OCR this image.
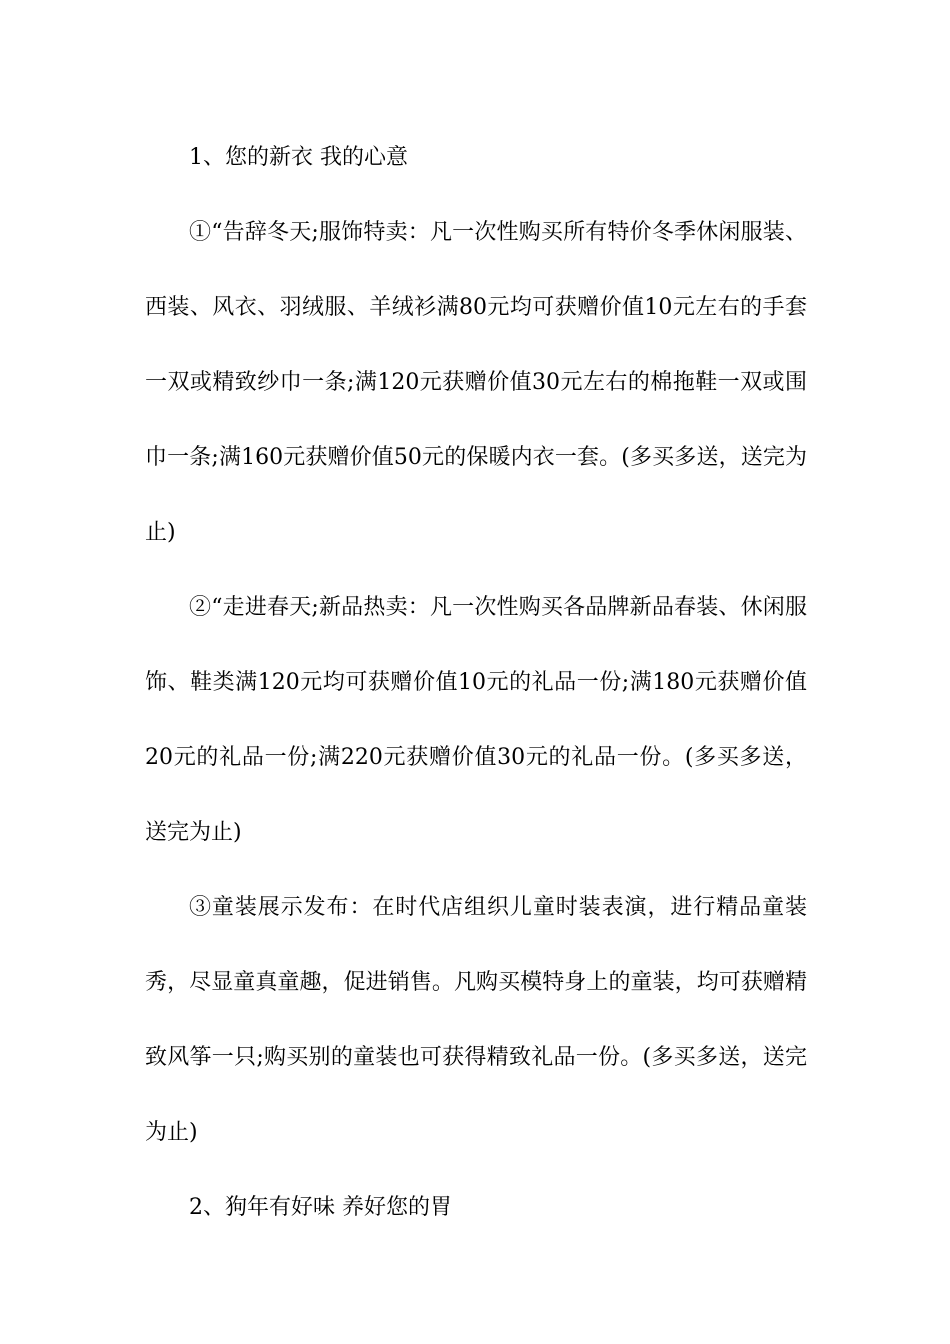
1、您的新衣 我的心意

①“告辞冬天;服饰特卖：凡一次性购买所有特价冬季休闲服装、西装、风衣、羽绒服、羊绒衫满80元均可获赠价值10元左右的手套一双或精致纱巾一条;满120元获赠价值30元左右的棉拖鞋一双或围巾一条;满160元获赠价值50元的保暖内衣一套。(多买多送，送完为止)

②“走进春天;新品热卖：凡一次性购买各品牌新品春装、休闲服饰、鞋类满120元均可获赠价值10元的礼品一份;满180元获赠价值20元的礼品一份;满220元获赠价值30元的礼品一份。(多买多送，送完为止)

③童装展示发布：在时代店组织儿童时装表演，进行精品童装秀，尽显童真童趣，促进销售。凡购买模特身上的童装，均可获赠精致风筝一只;购买别的童装也可获得精致礼品一份。(多买多送，送完为止)

2、狗年有好味 养好您的胃
